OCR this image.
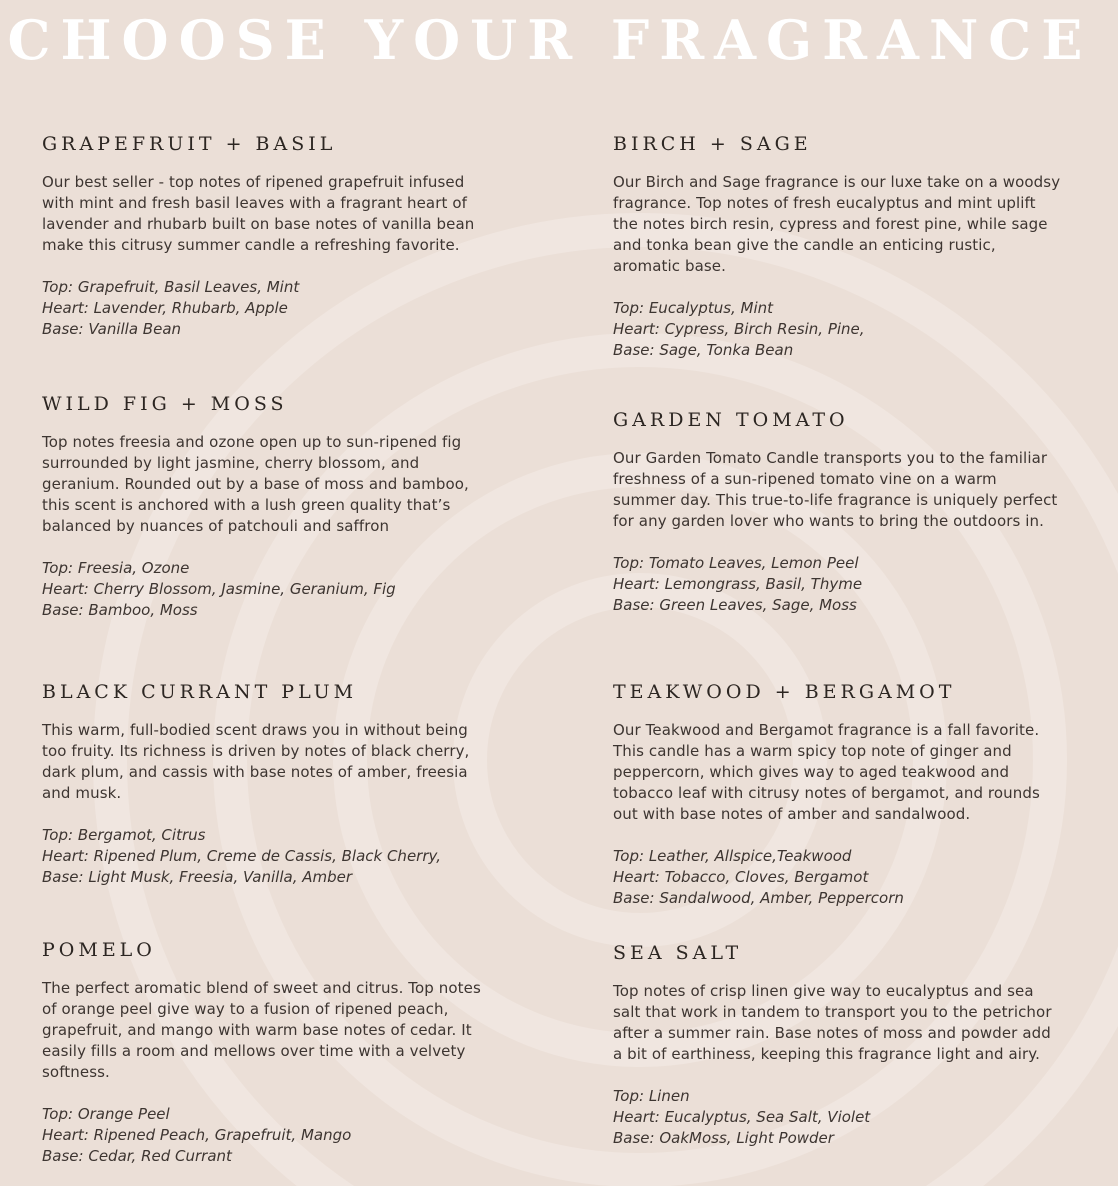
CHOOSE YOUR FRAGRANCE
GRAPEFRUIT + BASIL

Our best seller - top notes of ripened grapefruit infused with mint and fresh basil leaves with a fragrant heart of lavender and rhubarb built on base notes of vanilla bean make this citrusy summer candle a refreshing favorite.

Top: Grapefruit, Basil Leaves, Mint
Heart: Lavender, Rhubarb, Apple
Base: Vanilla Bean
BIRCH + SAGE

Our Birch and Sage fragrance is our luxe take on a woodsy fragrance. Top notes of fresh eucalyptus and mint uplift the notes birch resin, cypress and forest pine, while sage and tonka bean give the candle an enticing rustic, aromatic base.

Top: Eucalyptus, Mint
Heart: Cypress, Birch Resin, Pine,
Base: Sage, Tonka Bean
WILD FIG + MOSS

Top notes freesia and ozone open up to sun-ripened fig surrounded by light jasmine, cherry blossom, and geranium. Rounded out by a base of moss and bamboo, this scent is anchored with a lush green quality that’s balanced by nuances of patchouli and saffron

Top: Freesia, Ozone
Heart: Cherry Blossom, Jasmine, Geranium, Fig
Base: Bamboo, Moss
GARDEN TOMATO

Our Garden Tomato Candle transports you to the familiar freshness of a sun-ripened tomato vine on a warm summer day. This true-to-life fragrance is uniquely perfect for any garden lover who wants to bring the outdoors in.

Top: Tomato Leaves, Lemon Peel
Heart: Lemongrass, Basil, Thyme
Base: Green Leaves, Sage, Moss
BLACK CURRANT PLUM

This warm, full-bodied scent draws you in without being too fruity. Its richness is driven by notes of black cherry, dark plum, and cassis with base notes of amber, freesia and musk.

Top: Bergamot, Citrus
Heart: Ripened Plum, Creme de Cassis, Black Cherry,
Base: Light Musk, Freesia, Vanilla, Amber
TEAKWOOD + BERGAMOT

Our Teakwood and Bergamot fragrance is a fall favorite. This candle has a warm spicy top note of ginger and peppercorn, which gives way to aged teakwood and tobacco leaf with citrusy notes of bergamot, and rounds out with base notes of amber and sandalwood.

Top: Leather, Allspice,Teakwood
Heart: Tobacco, Cloves, Bergamot
Base: Sandalwood, Amber, Peppercorn
POMELO

The perfect aromatic blend of sweet and citrus. Top notes of orange peel give way to a fusion of ripened peach, grapefruit, and mango with warm base notes of cedar. It easily fills a room and mellows over time with a velvety softness.

Top: Orange Peel
Heart: Ripened Peach, Grapefruit, Mango
Base: Cedar, Red Currant
SEA SALT

Top notes of crisp linen give way to eucalyptus and sea salt that work in tandem to transport you to the petrichor after a summer rain. Base notes of moss and powder add a bit of earthiness, keeping this fragrance light and airy.

Top: Linen
Heart: Eucalyptus, Sea Salt, Violet
Base: OakMoss, Light Powder
